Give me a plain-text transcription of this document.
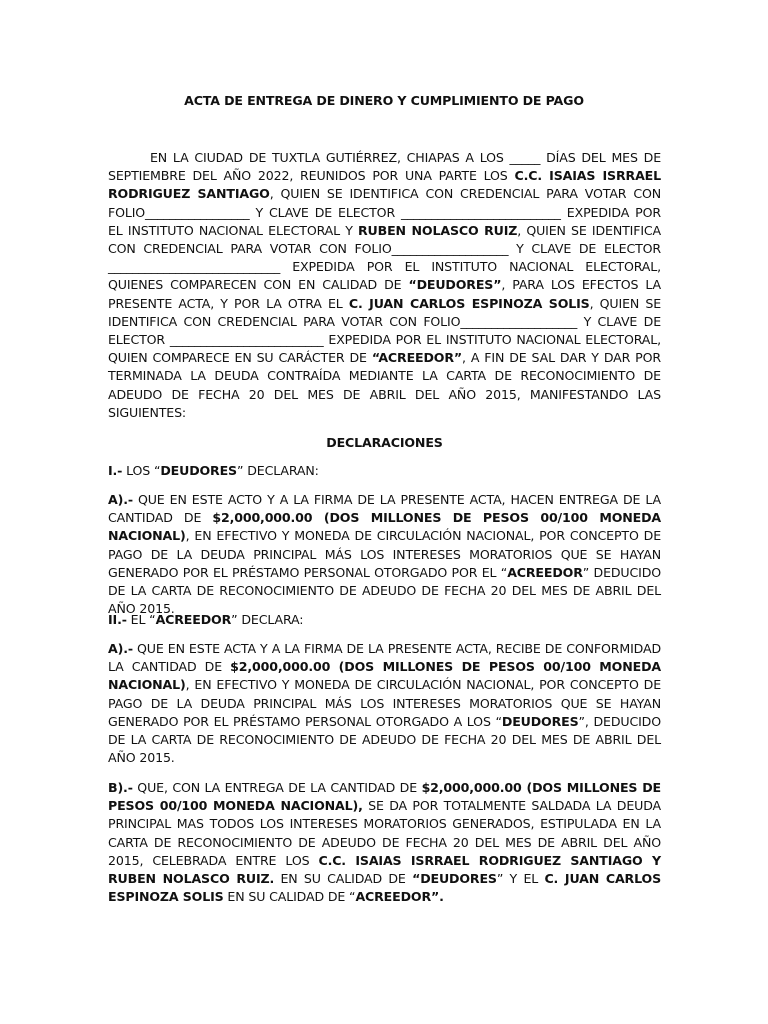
ACTA DE ENTREGA DE DINERO Y CUMPLIMIENTO DE PAGO

EN LA CIUDAD DE TUXTLA GUTIÉRREZ, CHIAPAS A LOS _____ DÍAS DEL MES DE SEPTIEMBRE DEL AÑO 2022, REUNIDOS POR UNA PARTE LOS C.C. ISAIAS ISRRAEL RODRIGUEZ SANTIAGO, QUIEN SE IDENTIFICA CON CREDENCIAL PARA VOTAR CON FOLIO_________________ Y CLAVE DE ELECTOR __________________________ EXPEDIDA POR EL INSTITUTO NACIONAL ELECTORAL Y RUBEN NOLASCO RUIZ, QUIEN SE IDENTIFICA CON CREDENCIAL PARA VOTAR CON FOLIO___________________ Y CLAVE DE ELECTOR ____________________________ EXPEDIDA POR EL INSTITUTO NACIONAL ELECTORAL, QUIENES COMPARECEN CON EN CALIDAD DE “DEUDORES”, PARA LOS EFECTOS LA PRESENTE ACTA, Y POR LA OTRA EL C. JUAN CARLOS ESPINOZA SOLIS, QUIEN SE IDENTIFICA CON CREDENCIAL PARA VOTAR CON FOLIO___________________ Y CLAVE DE ELECTOR _________________________ EXPEDIDA POR EL INSTITUTO NACIONAL ELECTORAL, QUIEN COMPARECE EN SU CARÁCTER DE “ACREEDOR”, A FIN DE SAL DAR Y DAR POR TERMINADA LA DEUDA CONTRAÍDA MEDIANTE LA CARTA DE RECONOCIMIENTO DE ADEUDO DE FECHA 20 DEL MES DE ABRIL DEL AÑO 2015, MANIFESTANDO LAS SIGUIENTES:

DECLARACIONES

I.- LOS “DEUDORES” DECLARAN:

A).- QUE EN ESTE ACTO Y A LA FIRMA DE LA PRESENTE ACTA, HACEN ENTREGA DE LA CANTIDAD DE $2,000,000.00 (DOS MILLONES DE PESOS 00/100 MONEDA NACIONAL), EN EFECTIVO Y MONEDA DE CIRCULACIÓN NACIONAL, POR CONCEPTO DE PAGO DE LA DEUDA PRINCIPAL MÁS LOS INTERESES MORATORIOS QUE SE HAYAN GENERADO POR EL PRÉSTAMO PERSONAL OTORGADO POR EL “ACREEDOR” DEDUCIDO DE LA CARTA DE RECONOCIMIENTO DE ADEUDO DE FECHA 20 DEL MES DE ABRIL DEL AÑO 2015.

II.- EL “ACREEDOR” DECLARA:

A).- QUE EN ESTE ACTA Y A LA FIRMA DE LA PRESENTE ACTA, RECIBE DE CONFORMIDAD LA CANTIDAD DE $2,000,000.00 (DOS MILLONES DE PESOS 00/100 MONEDA NACIONAL), EN EFECTIVO Y MONEDA DE CIRCULACIÓN NACIONAL, POR CONCEPTO DE PAGO DE LA DEUDA PRINCIPAL MÁS LOS INTERESES MORATORIOS QUE SE HAYAN GENERADO POR EL PRÉSTAMO PERSONAL OTORGADO A LOS “DEUDORES”, DEDUCIDO DE LA CARTA DE RECONOCIMIENTO DE ADEUDO DE FECHA 20 DEL MES DE ABRIL DEL AÑO 2015.

B).- QUE, CON LA ENTREGA DE LA CANTIDAD DE $2,000,000.00 (DOS MILLONES DE PESOS 00/100 MONEDA NACIONAL), SE DA POR TOTALMENTE SALDADA LA DEUDA PRINCIPAL MAS TODOS LOS INTERESES MORATORIOS GENERADOS, ESTIPULADA EN LA CARTA DE RECONOCIMIENTO DE ADEUDO DE FECHA 20 DEL MES DE ABRIL DEL AÑO 2015, CELEBRADA ENTRE LOS C.C. ISAIAS ISRRAEL RODRIGUEZ SANTIAGO Y RUBEN NOLASCO RUIZ. EN SU CALIDAD DE “DEUDORES” Y EL C. JUAN CARLOS ESPINOZA SOLIS EN SU CALIDAD DE “ACREEDOR”.
